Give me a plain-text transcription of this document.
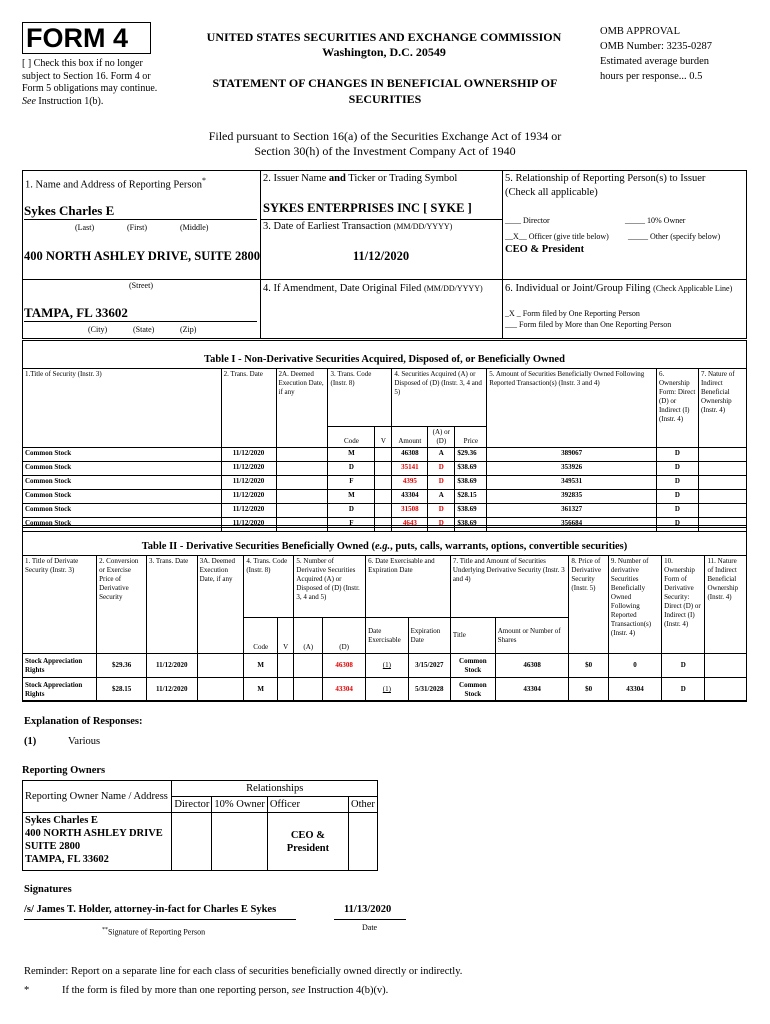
FORM 4
[ ] Check this box if no longer subject to Section 16. Form 4 or Form 5 obligations may continue. See Instruction 1(b).
UNITED STATES SECURITIES AND EXCHANGE COMMISSION
Washington, D.C. 20549
STATEMENT OF CHANGES IN BENEFICIAL OWNERSHIP OF SECURITIES
OMB APPROVAL
OMB Number: 3235-0287
Estimated average burden
hours per response... 0.5
Filed pursuant to Section 16(a) of the Securities Exchange Act of 1934 or
Section 30(h) of the Investment Company Act of 1940
1. Name and Address of Reporting Person*
Sykes Charles E
(Last)	(First)	(Middle)
400 NORTH ASHLEY DRIVE, SUITE 2800
(Street)
TAMPA, FL 33602
(City)	(State)	(Zip)
2. Issuer Name and Ticker or Trading Symbol
SYKES ENTERPRISES INC [ SYKE ]
3. Date of Earliest Transaction (MM/DD/YYYY)
11/12/2020
4. If Amendment, Date Original Filed (MM/DD/YYYY)
5. Relationship of Reporting Person(s) to Issuer
(Check all applicable)
____ Director	_____ 10% Owner
__X__ Officer (give title below) _____ Other (specify below)
CEO & President
6. Individual or Joint/Group Filing (Check Applicable Line)
_X _ Form filed by One Reporting Person
___ Form filed by More than One Reporting Person
Table I - Non-Derivative Securities Acquired, Disposed of, or Beneficially Owned
1.Title of Security (Instr. 3)	2. Trans. Date	2A. Deemed Execution Date, if any	3. Trans. Code (Instr. 8)		4. Securities Acquired (A) or Disposed of (D) (Instr. 3, 4 and 5)			5. Amount of Securities Beneficially Owned Following Reported Transaction(s) (Instr. 3 and 4)	6. Ownership Form: Direct (D) or Indirect (I) (Instr. 4)	7. Nature of Indirect Beneficial Ownership (Instr. 4)
			Code	V	Amount	(A) or (D)	Price			
Common Stock	11/12/2020		M		46308	A	$29.36	389067	D	
Common Stock	11/12/2020		D		35141	D	$38.69	353926	D	
Common Stock	11/12/2020		F		4395	D	$38.69	349531	D	
Common Stock	11/12/2020		M		43304	A	$28.15	392835	D	
Common Stock	11/12/2020		D		31508	D	$38.69	361327	D	
Common Stock	11/12/2020		F		4643	D	$38.69	356684	D	
Table II - Derivative Securities Beneficially Owned (e.g., puts, calls, warrants, options, convertible securities)
1. Title of Derivate Security (Instr. 3)	2. Conversion or Exercise Price of Derivative Security	3. Trans. Date	3A. Deemed Execution Date, if any	4. Trans. Code (Instr. 8)		5. Number of Derivative Securities Acquired (A) or Disposed of (D) (Instr. 3, 4 and 5)		6. Date Exercisable and Expiration Date		7. Title and Amount of Securities Underlying Derivative Security (Instr. 3 and 4)		8. Price of Derivative Security (Instr. 5)	9. Number of derivative Securities Beneficially Owned Following Reported Transaction(s) (Instr. 4)	10. Ownership Form of Derivative Security: Direct (D) or Indirect (I) (Instr. 4)	11. Nature of Indirect Beneficial Ownership (Instr. 4)
				Code	V	(A)	(D)	Date Exercisable	Expiration Date	Title	Amount or Number of Shares				
Stock Appreciation Rights	$29.36	11/12/2020		M			46308	(1)	3/15/2027	Common Stock	46308	$0	0	D	
Stock Appreciation Rights	$28.15	11/12/2020		M			43304	(1)	5/31/2028	Common Stock	43304	$0	43304	D	
Explanation of Responses:
(1)	Various
Reporting Owners
Reporting Owner Name / Address	Relationships			
	Director	10% Owner	Officer	Other

Sykes Charles E
400 NORTH ASHLEY DRIVE
SUITE 2800
TAMPA, FL 33602			CEO & President	
Signatures
/s/ James T. Holder, attorney-in-fact for Charles E Sykes	11/13/2020
**Signature of Reporting Person
Date
Reminder: Report on a separate line for each class of securities beneficially owned directly or indirectly.
*	If the form is filed by more than one reporting person, see Instruction 4(b)(v).
